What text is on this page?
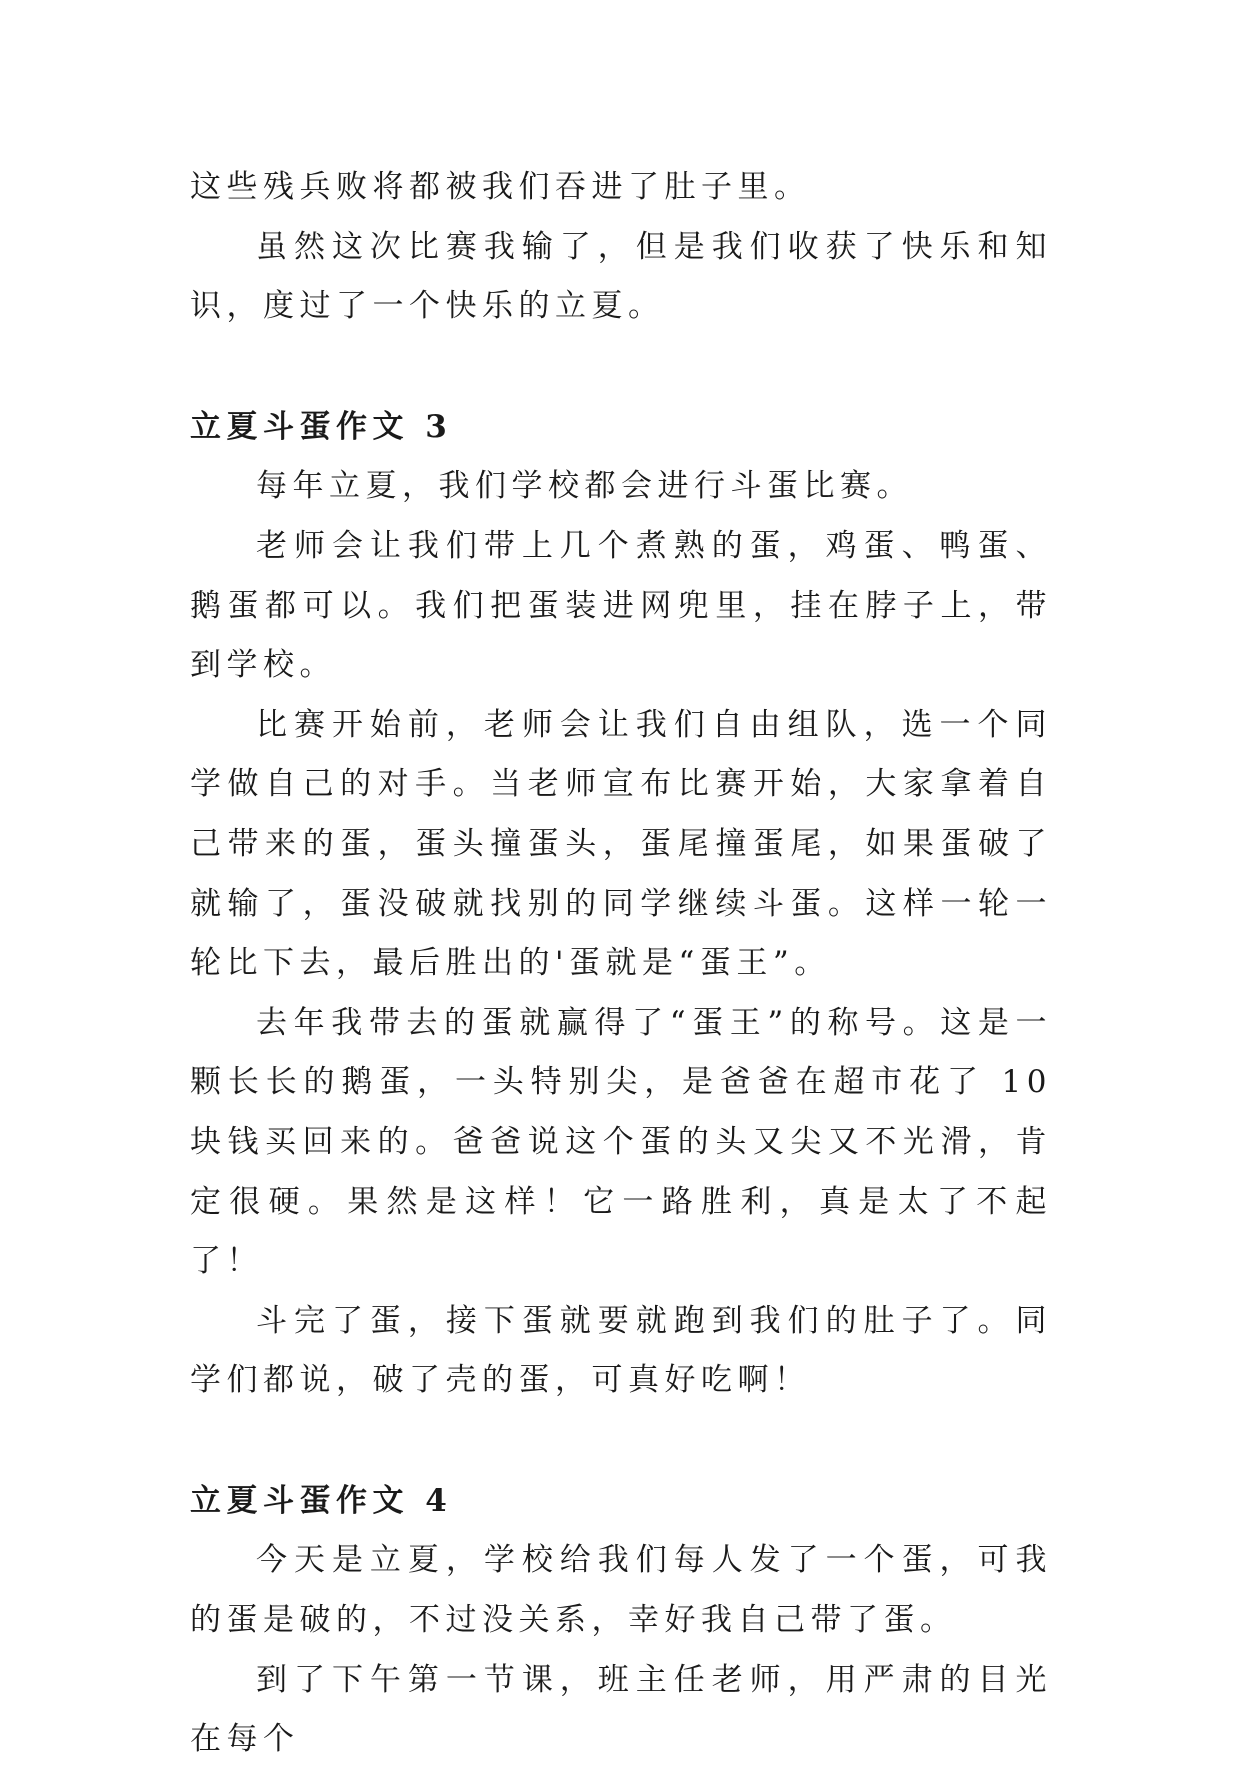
这些残兵败将都被我们吞进了肚子里。

虽然这次比赛我输了，但是我们收获了快乐和知识，度过了一个快乐的立夏。

立夏斗蛋作文 3

每年立夏，我们学校都会进行斗蛋比赛。

老师会让我们带上几个煮熟的蛋，鸡蛋、鸭蛋、鹅蛋都可以。我们把蛋装进网兜里，挂在脖子上，带到学校。

比赛开始前，老师会让我们自由组队，选一个同学做自己的对手。当老师宣布比赛开始，大家拿着自己带来的蛋，蛋头撞蛋头，蛋尾撞蛋尾，如果蛋破了就输了，蛋没破就找别的同学继续斗蛋。这样一轮一轮比下去，最后胜出的'蛋就是“蛋王”。

去年我带去的蛋就赢得了“蛋王”的称号。这是一颗长长的鹅蛋，一头特别尖，是爸爸在超市花了 10 块钱买回来的。爸爸说这个蛋的头又尖又不光滑，肯定很硬。果然是这样！它一路胜利，真是太了不起了！

斗完了蛋，接下蛋就要就跑到我们的肚子了。同学们都说，破了壳的蛋，可真好吃啊！

立夏斗蛋作文 4

今天是立夏，学校给我们每人发了一个蛋，可我的蛋是破的，不过没关系，幸好我自己带了蛋。

到了下午第一节课，班主任老师，用严肃的目光在每个
